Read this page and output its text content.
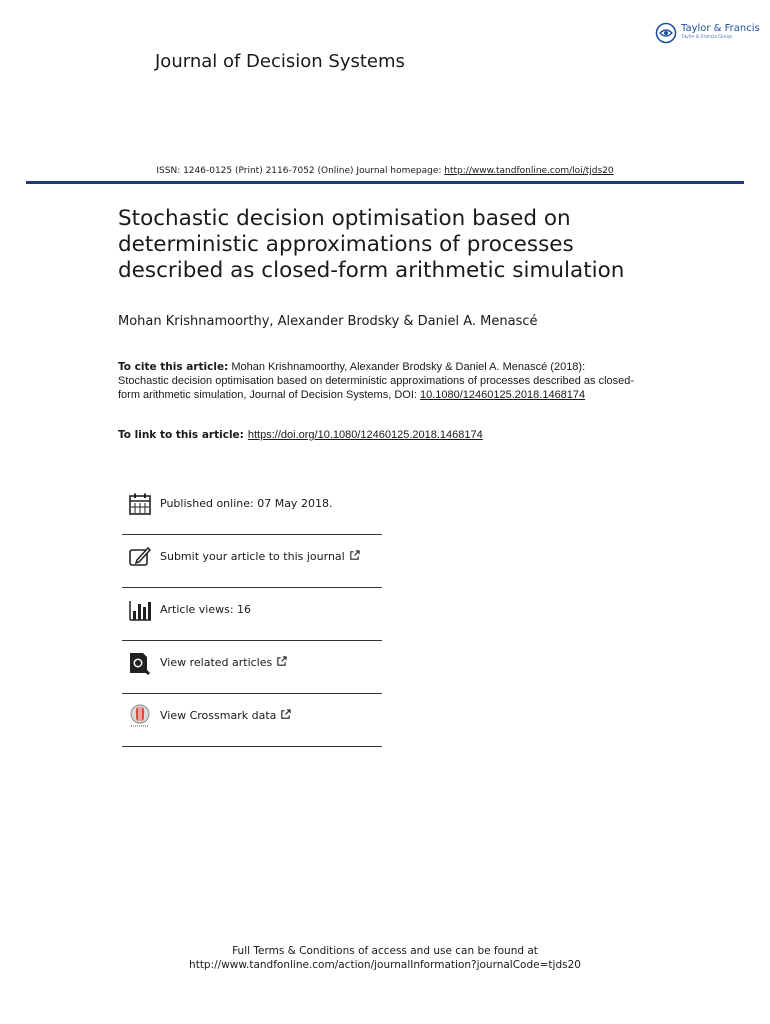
Taylor & Francis
Taylor & Francis Group
Journal of Decision Systems
ISSN: 1246-0125 (Print) 2116-7052 (Online) Journal homepage: http://www.tandfonline.com/loi/tjds20
Stochastic decision optimisation based on deterministic approximations of processes described as closed-form arithmetic simulation
Mohan Krishnamoorthy, Alexander Brodsky & Daniel A. Menascé
To cite this article: Mohan Krishnamoorthy, Alexander Brodsky & Daniel A. Menascé (2018): Stochastic decision optimisation based on deterministic approximations of processes described as closed-form arithmetic simulation, Journal of Decision Systems, DOI: 10.1080/12460125.2018.1468174
To link to this article: https://doi.org/10.1080/12460125.2018.1468174
Published online: 07 May 2018.
Submit your article to this journal
Article views: 16
View related articles
View Crossmark data
Full Terms & Conditions of access and use can be found at
http://www.tandfonline.com/action/journalInformation?journalCode=tjds20
